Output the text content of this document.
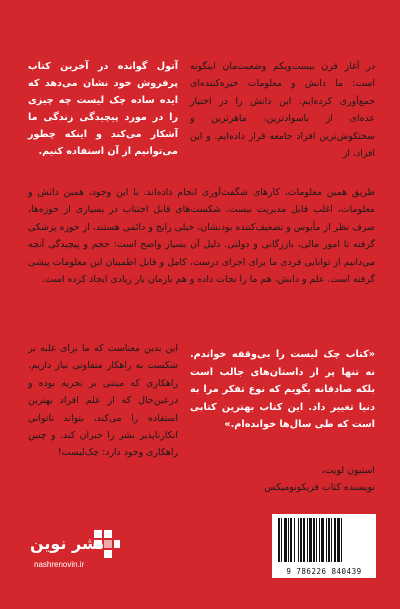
آتول گوانده در آخرین کتاب پرفروش خود نشان می‌دهد که ایده ساده چک لیست چه چیزی را در مورد پیچیدگی زندگی ما آشکار می‌کند و اینکه چطور می‌توانیم از آن استفاده کنیم.

در آغاز قرن بیست‌ویکم وضعیت‌مان اینگونه است: ما دانش و معلومات خیره‌کننده‌ای جمع‌آوری کرده‌ایم. این دانش را در اختیار عده‌ای از باسوادترین، ماهرترین و سختکوش‌ترین افراد جامعه قرار داده‌ایم. و این افراد، از

طریق همین معلومات، کارهای شگفت‌آوری انجام داده‌اند. با این وجود، همین دانش و معلومات، اغلب قابل مدیریت نیست. شکست‌های قابل اجتناب در بسیاری از حوزه‌ها، صرف نظر از مأیوس و تضعیف‌کننده بودنشان، خیلی رایج و دائمی هستند، از حوزه پزشکی گرفته تا امور مالی، بازرگانی و دولتی. دلیل آن بسیار واضح است: حجم و پیچیدگی آنچه می‌دانیم از توانایی فردی ما برای اجرای درست، کامل و قابل اطمینان این معلومات پیشی گرفته است. علم و دانش، هم ما را نجات داده و هم بارمان بار زیادی ایجاد کرده است.

این بدین معناست که ما برای غلبه بر شکست به راهکار متفاوتی نیاز داریم. راهکاری که مبتنی بر تجربه بوده و درعین‌حال که از علم افراد بهترین استفاده را می‌کند، بتواند ناتوانی انکارناپذیر بشر را جبران کند. و چنین راهکاری وجود دارد: چک‌لیست!

«کتاب چک لیست را بی‌وقفه خواندم. نه تنها پر از داستان‌های جالب است بلکه صادقانه بگویم که نوع تفکر مرا به دنیا تغییر داد. این کتاب بهترین کتابی است که طی سال‌ها خوانده‌ام.»

استیون لویت،
نویسنده کتاب فریکونومیکس
نشر نوین
nashrenovin.ir
9 786226 840439
